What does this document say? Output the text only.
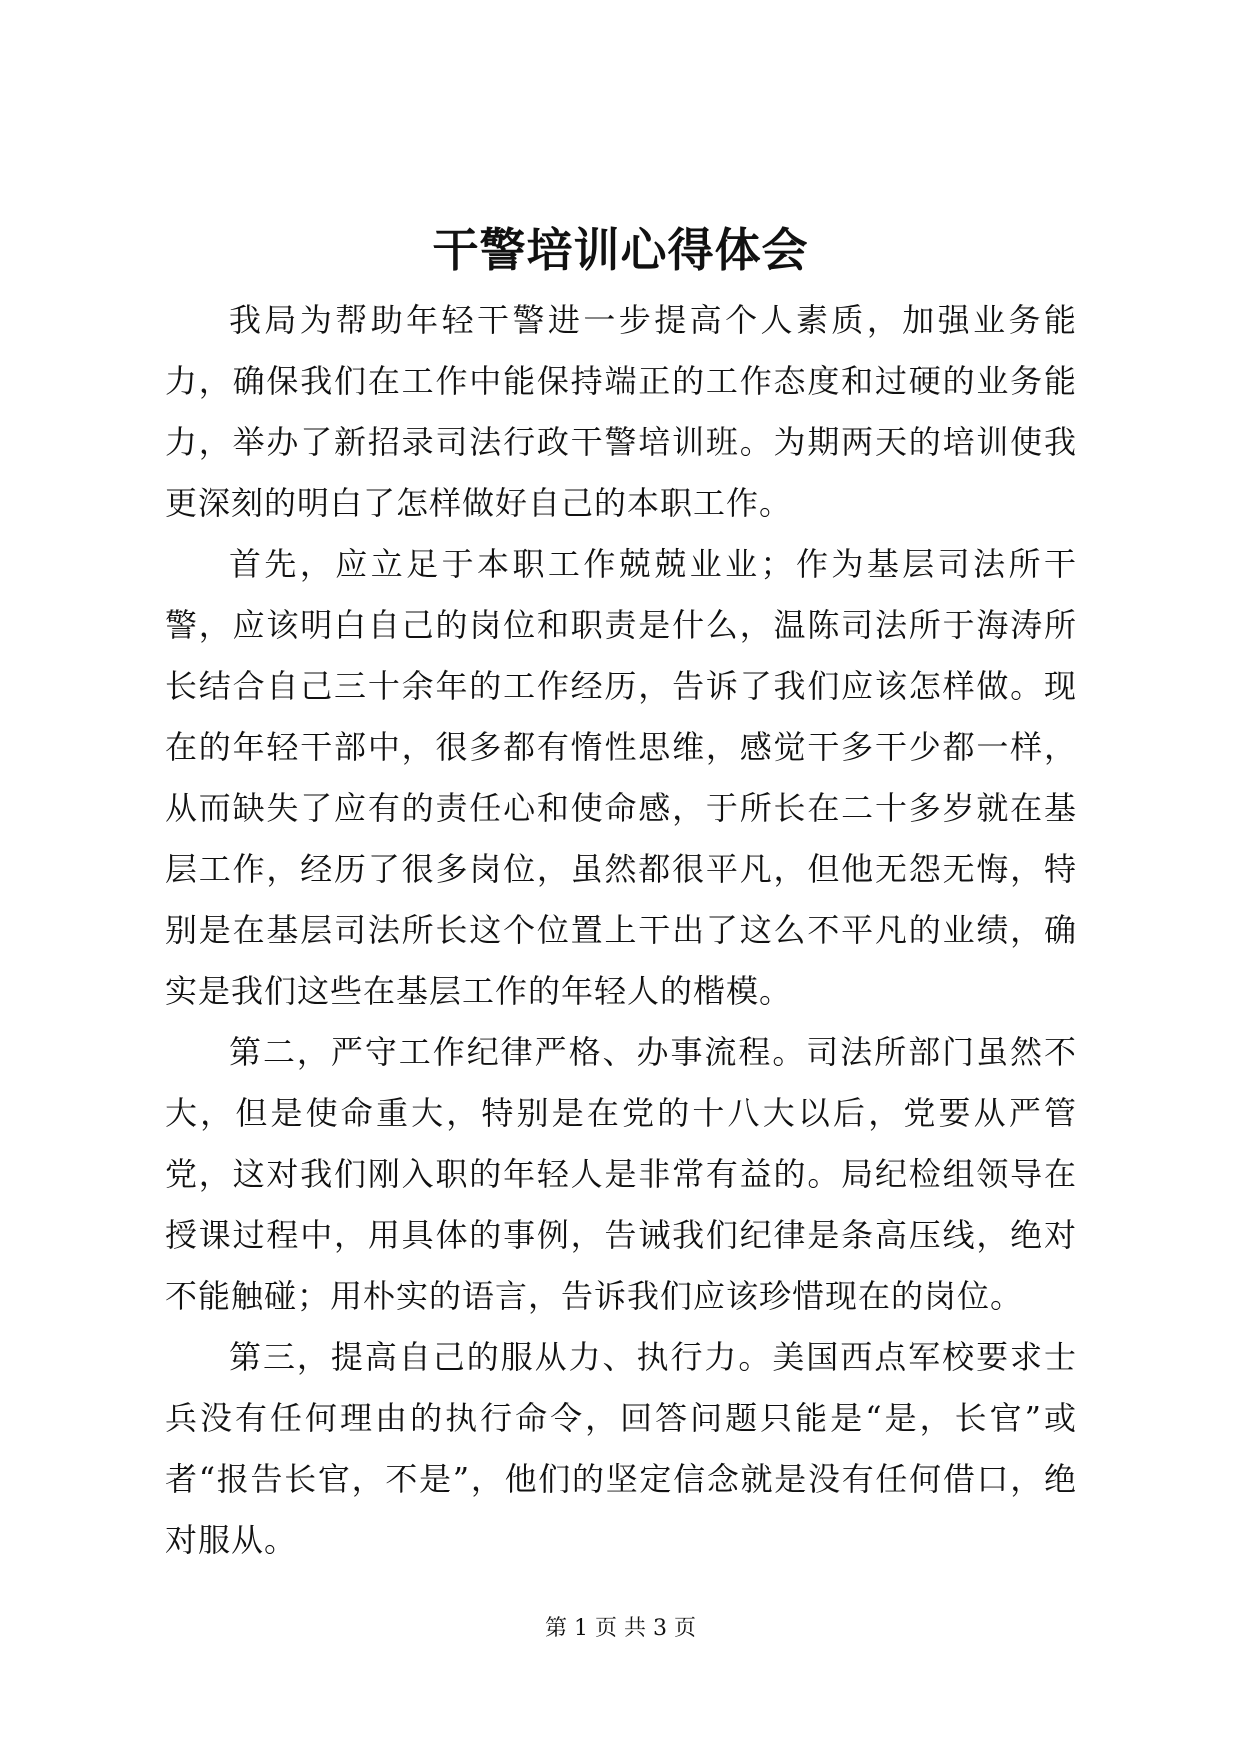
干警培训心得体会

我局为帮助年轻干警进一步提高个人素质，加强业务能力，确保我们在工作中能保持端正的工作态度和过硬的业务能力，举办了新招录司法行政干警培训班。为期两天的培训使我更深刻的明白了怎样做好自己的本职工作。

首先，应立足于本职工作兢兢业业；作为基层司法所干警，应该明白自己的岗位和职责是什么，温陈司法所于海涛所长结合自己三十余年的工作经历，告诉了我们应该怎样做。现在的年轻干部中，很多都有惰性思维，感觉干多干少都一样，从而缺失了应有的责任心和使命感，于所长在二十多岁就在基层工作，经历了很多岗位，虽然都很平凡，但他无怨无悔，特别是在基层司法所长这个位置上干出了这么不平凡的业绩，确实是我们这些在基层工作的年轻人的楷模。

第二，严守工作纪律严格、办事流程。司法所部门虽然不大，但是使命重大，特别是在党的十八大以后，党要从严管党，这对我们刚入职的年轻人是非常有益的。局纪检组领导在授课过程中，用具体的事例，告诫我们纪律是条高压线，绝对不能触碰；用朴实的语言，告诉我们应该珍惜现在的岗位。

第三，提高自己的服从力、执行力。美国西点军校要求士兵没有任何理由的执行命令，回答问题只能是“是，长官”或者“报告长官，不是”，他们的坚定信念就是没有任何借口，绝对服从。

第 1 页 共 3 页
